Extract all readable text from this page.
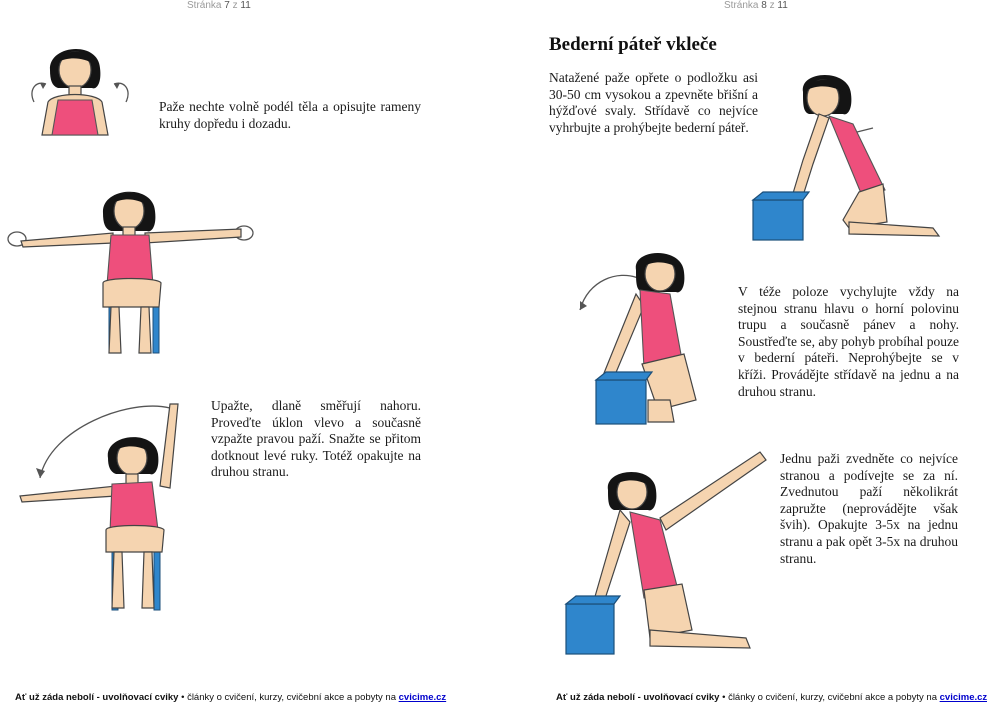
Stránka 7 z 11	Stránka 8 z 11
Bederní páteř vkleče
Paže nechte volně podél těla a opisujte rameny kruhy dopředu i dozadu.
Upažte, dlaně směřují nahoru. Proveďte úklon vlevo a současně vzpažte pravou paží. Snažte se přitom dotknout levé ruky. Totéž opakujte na druhou stranu.
Natažené paže opřete o podložku asi 30-50 cm vysokou a zpevněte břišní a hýžďové svaly. Střídavě co nejvíce vyhrbujte a prohýbejte bederní páteř.
V téže poloze vychylujte vždy na stejnou stranu hlavu o horní polovinu trupu a současně pánev a nohy. Soustřeďte se, aby pohyb probíhal pouze v bederní páteři. Neprohýbejte se v kříži. Provádějte střídavě na jednu a na druhou stranu.
Jednu paži zvedněte co nejvíce stranou a podívejte se za ní. Zvednutou paží několikrát zapružte (neprovádějte však švih). Opakujte 3-5x na jednu stranu a pak opět 3-5x na druhou stranu.
Ať už záda nebolí - uvolňovací cviky • články o cvičení, kurzy, cvičební akce a pobyty na cvicime.cz	Ať už záda nebolí - uvolňovací cviky • články o cvičení, kurzy, cvičební akce a pobyty na cvicime.cz
